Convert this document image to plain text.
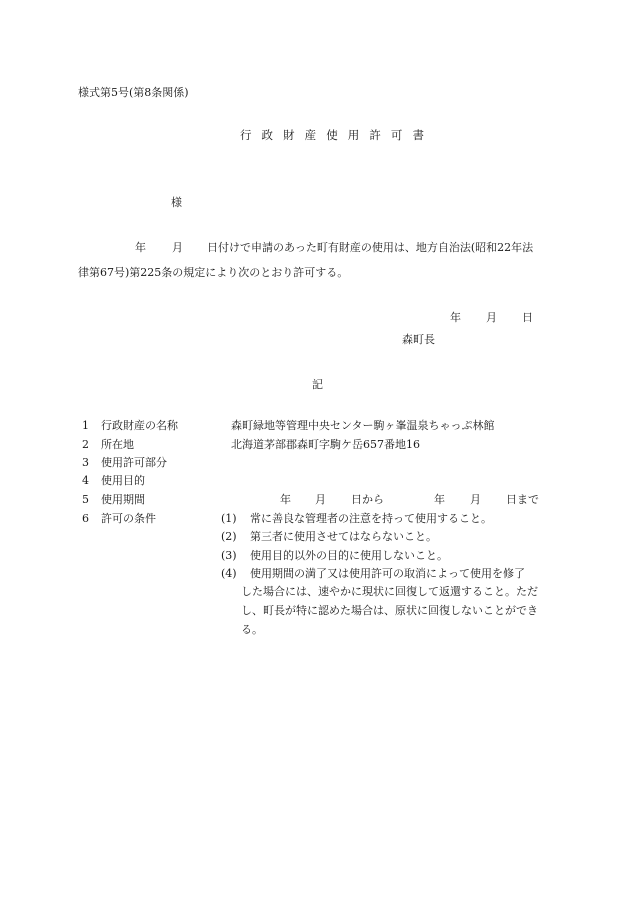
様式第5号(第8条関係)
行 政 財 産 使 用 許 可 書
様
年 月 日付けで申請のあった町有財産の使用は、地方自治法(昭和22年法
律第67号)第225条の規定により次のとおり許可する。
年 月 日
森町長
記
1 行政財産の名称	森町緑地等管理中央センター駒ヶ峯温泉ちゃっぷ林館
2 所在地	北海道茅部郡森町字駒ケ岳657番地16
3 使用許可部分
4 使用目的
5 使用期間	年 月 日から	年 月 日まで
6 許可の条件	(1) 常に善良な管理者の注意を持って使用すること。
(2) 第三者に使用させてはならないこと。
(3) 使用目的以外の目的に使用しないこと。
(4) 使用期間の満了又は使用許可の取消によって使用を修了
した場合には、速やかに現状に回復して返還すること。ただ
し、町長が特に認めた場合は、原状に回復しないことができ
る。
